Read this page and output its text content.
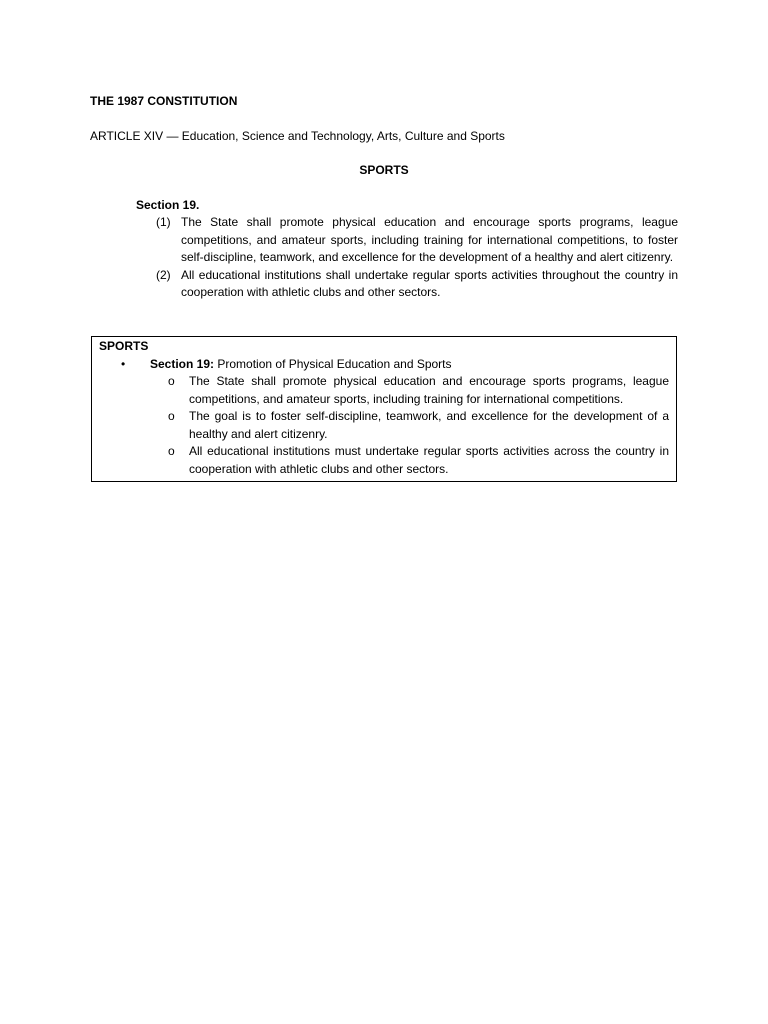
THE 1987 CONSTITUTION
ARTICLE XIV — Education, Science and Technology, Arts, Culture and Sports
SPORTS
Section 19.
(1) The State shall promote physical education and encourage sports programs, league competitions, and amateur sports, including training for international competitions, to foster self-discipline, teamwork, and excellence for the development of a healthy and alert citizenry.
(2) All educational institutions shall undertake regular sports activities throughout the country in cooperation with athletic clubs and other sectors.
SPORTS
• Section 19: Promotion of Physical Education and Sports
o The State shall promote physical education and encourage sports programs, league competitions, and amateur sports, including training for international competitions.
o The goal is to foster self-discipline, teamwork, and excellence for the development of a healthy and alert citizenry.
o All educational institutions must undertake regular sports activities across the country in cooperation with athletic clubs and other sectors.
